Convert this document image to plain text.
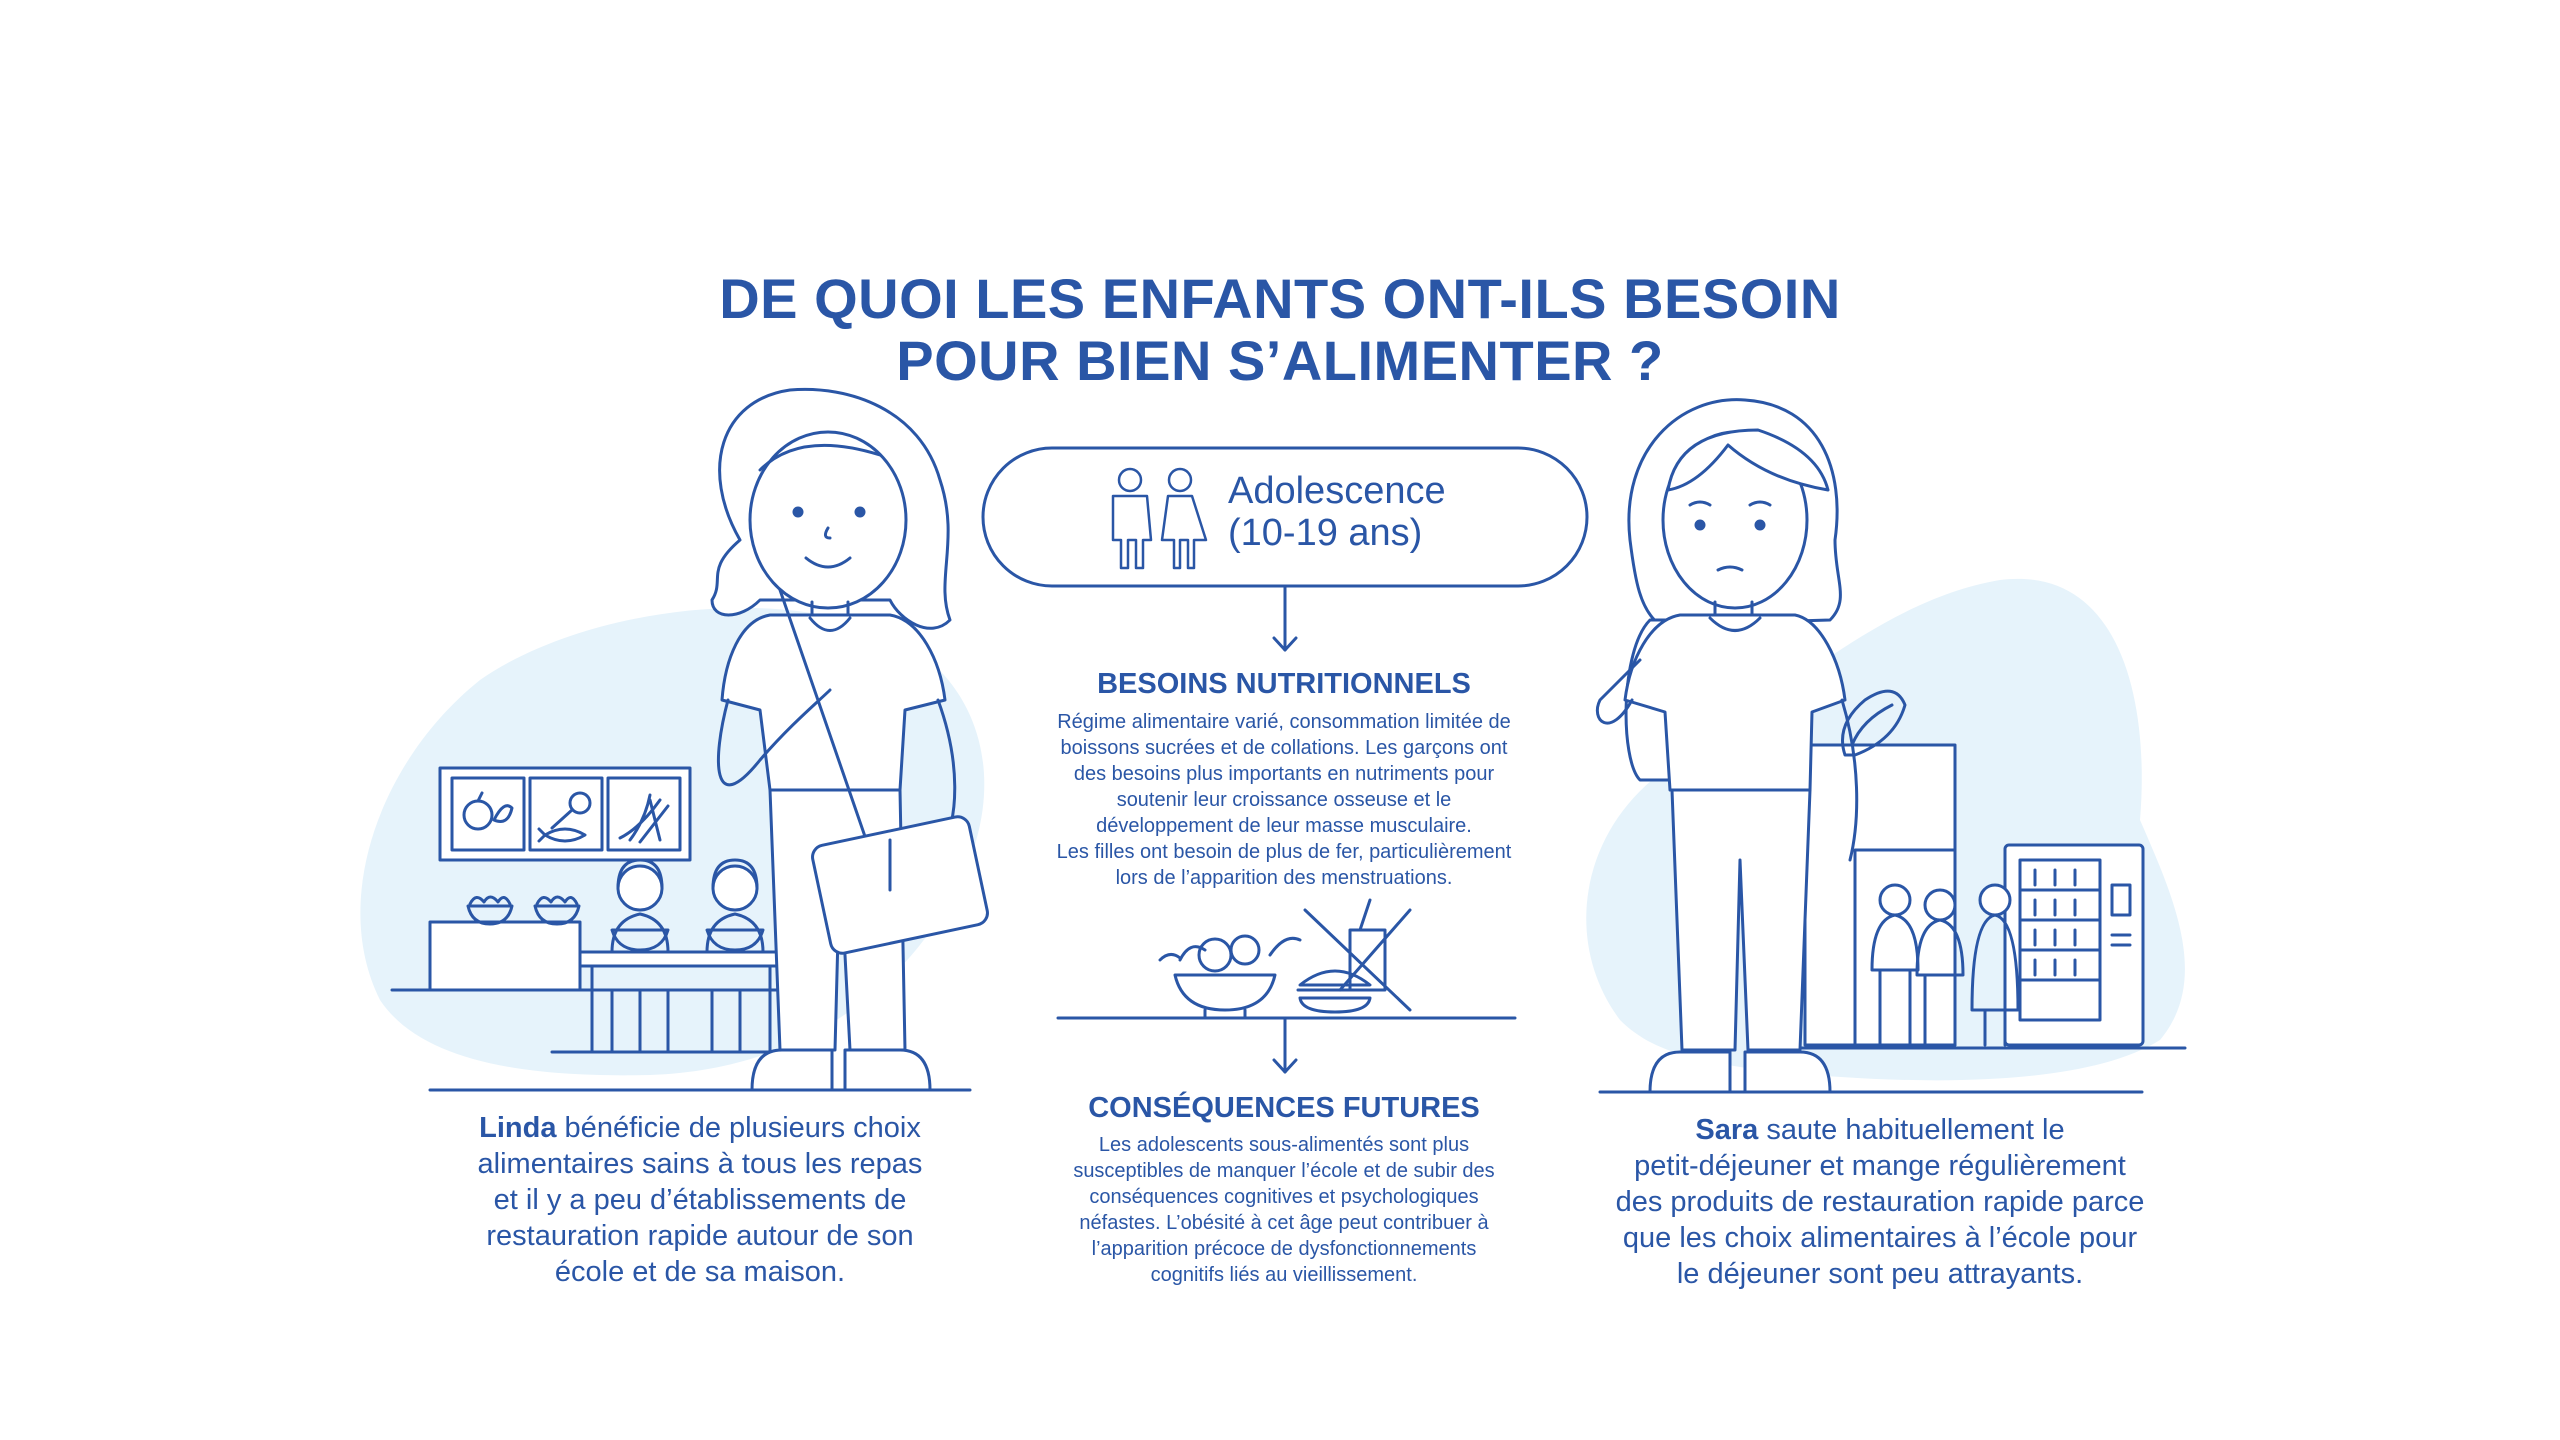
DE QUOI LES ENFANTS ONT-ILS BESOIN
POUR BIEN S’ALIMENTER ?
Adolescence
(10-19 ans)
BESOINS NUTRITIONNELS
Régime alimentaire varié, consommation limitée de
boissons sucrées et de collations. Les garçons ont
des besoins plus importants en nutriments pour
soutenir leur croissance osseuse et le
développement de leur masse musculaire.
Les filles ont besoin de plus de fer, particulièrement
lors de l’apparition des menstruations.
CONSÉQUENCES FUTURES
Les adolescents sous-alimentés sont plus
susceptibles de manquer l’école et de subir des
conséquences cognitives et psychologiques
néfastes. L’obésité à cet âge peut contribuer à
l’apparition précoce de dysfonctionnements
cognitifs liés au vieillissement.
Linda bénéficie de plusieurs choix
alimentaires sains à tous les repas
et il y a peu d’établissements de
restauration rapide autour de son
école et de sa maison.
Sara saute habituellement le
petit-déjeuner et mange régulièrement
des produits de restauration rapide parce
que les choix alimentaires à l’école pour
le déjeuner sont peu attrayants.
